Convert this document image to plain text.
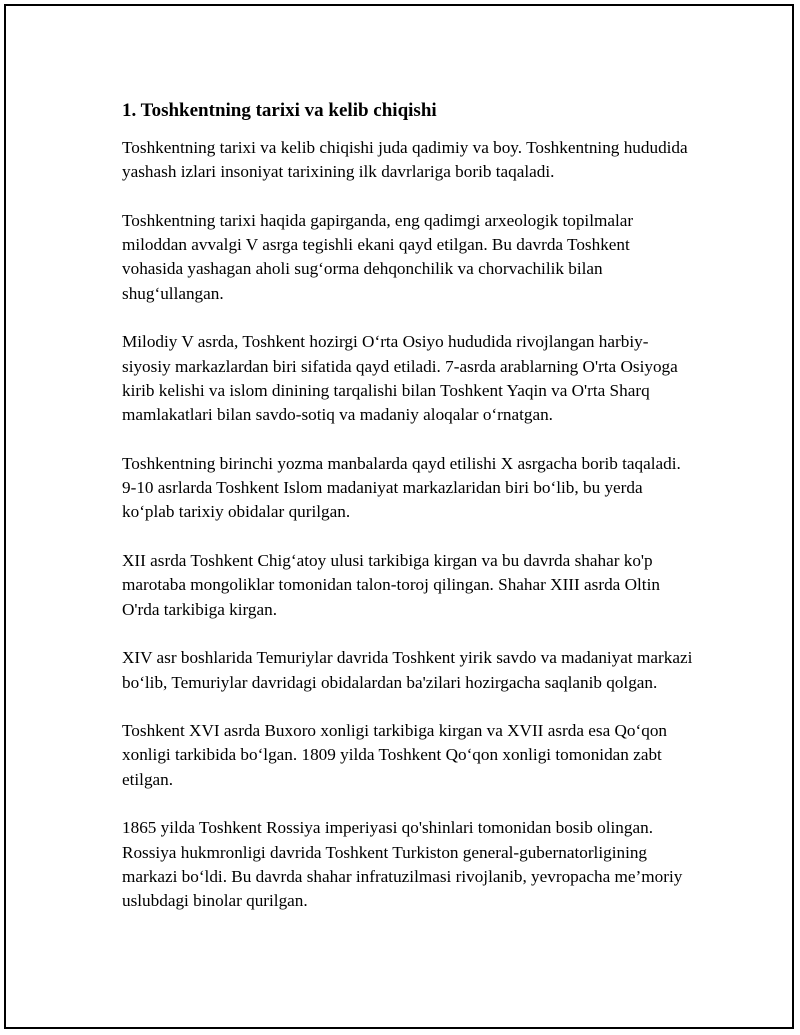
1. Toshkentning tarixi va kelib chiqishi

Toshkentning tarixi va kelib chiqishi juda qadimiy va boy. Toshkentning hududida yashash izlari insoniyat tarixining ilk davrlariga borib taqaladi.

Toshkentning tarixi haqida gapirganda, eng qadimgi arxeologik topilmalar miloddan avvalgi V asrga tegishli ekani qayd etilgan. Bu davrda Toshkent vohasida yashagan aholi sug‘orma dehqonchilik va chorvachilik bilan shug‘ullangan.

Milodiy V asrda, Toshkent hozirgi O‘rta Osiyo hududida rivojlangan harbiy-siyosiy markazlardan biri sifatida qayd etiladi. 7-asrda arablarning O'rta Osiyoga kirib kelishi va islom dinining tarqalishi bilan Toshkent Yaqin va O'rta Sharq mamlakatlari bilan savdo-sotiq va madaniy aloqalar o‘rnatgan.

Toshkentning birinchi yozma manbalarda qayd etilishi X asrgacha borib taqaladi. 9-10 asrlarda Toshkent Islom madaniyat markazlaridan biri bo‘lib, bu yerda ko‘plab tarixiy obidalar qurilgan.

XII asrda Toshkent Chig‘atoy ulusi tarkibiga kirgan va bu davrda shahar ko'p marotaba mongoliklar tomonidan talon-toroj qilingan. Shahar XIII asrda Oltin O'rda tarkibiga kirgan.

XIV asr boshlarida Temuriylar davrida Toshkent yirik savdo va madaniyat markazi bo‘lib, Temuriylar davridagi obidalardan ba'zilari hozirgacha saqlanib qolgan.

Toshkent XVI asrda Buxoro xonligi tarkibiga kirgan va XVII asrda esa Qo‘qon xonligi tarkibida bo‘lgan. 1809 yilda Toshkent Qo‘qon xonligi tomonidan zabt etilgan.

1865 yilda Toshkent Rossiya imperiyasi qo'shinlari tomonidan bosib olingan. Rossiya hukmronligi davrida Toshkent Turkiston general-gubernatorligining markazi bo‘ldi. Bu davrda shahar infratuzilmasi rivojlanib, yevropacha me’moriy uslubdagi binolar qurilgan.
